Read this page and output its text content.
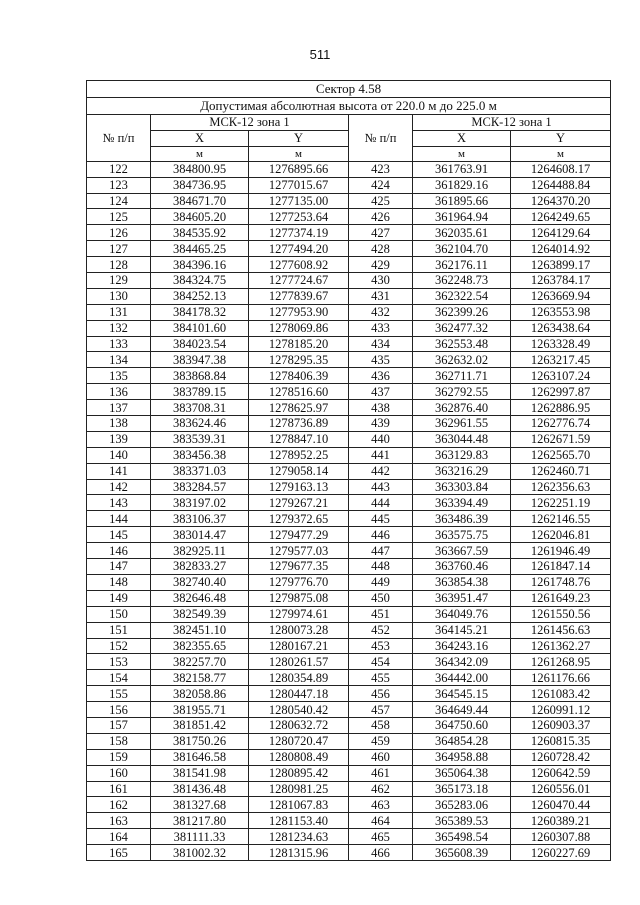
511
Сектор 4.58					
Допустимая абсолютная высота от 220.0 м до 225.0 м					
№ п/п	МСК-12 зона 1		№ п/п	МСК-12 зона 1	
	X	Y		X	Y
	м	м		м	м
122	384800.95	1276895.66	423	361763.91	1264608.17
123	384736.95	1277015.67	424	361829.16	1264488.84
124	384671.70	1277135.00	425	361895.66	1264370.20
125	384605.20	1277253.64	426	361964.94	1264249.65
126	384535.92	1277374.19	427	362035.61	1264129.64
127	384465.25	1277494.20	428	362104.70	1264014.92
128	384396.16	1277608.92	429	362176.11	1263899.17
129	384324.75	1277724.67	430	362248.73	1263784.17
130	384252.13	1277839.67	431	362322.54	1263669.94
131	384178.32	1277953.90	432	362399.26	1263553.98
132	384101.60	1278069.86	433	362477.32	1263438.64
133	384023.54	1278185.20	434	362553.48	1263328.49
134	383947.38	1278295.35	435	362632.02	1263217.45
135	383868.84	1278406.39	436	362711.71	1263107.24
136	383789.15	1278516.60	437	362792.55	1262997.87
137	383708.31	1278625.97	438	362876.40	1262886.95
138	383624.46	1278736.89	439	362961.55	1262776.74
139	383539.31	1278847.10	440	363044.48	1262671.59
140	383456.38	1278952.25	441	363129.83	1262565.70
141	383371.03	1279058.14	442	363216.29	1262460.71
142	383284.57	1279163.13	443	363303.84	1262356.63
143	383197.02	1279267.21	444	363394.49	1262251.19
144	383106.37	1279372.65	445	363486.39	1262146.55
145	383014.47	1279477.29	446	363575.75	1262046.81
146	382925.11	1279577.03	447	363667.59	1261946.49
147	382833.27	1279677.35	448	363760.46	1261847.14
148	382740.40	1279776.70	449	363854.38	1261748.76
149	382646.48	1279875.08	450	363951.47	1261649.23
150	382549.39	1279974.61	451	364049.76	1261550.56
151	382451.10	1280073.28	452	364145.21	1261456.63
152	382355.65	1280167.21	453	364243.16	1261362.27
153	382257.70	1280261.57	454	364342.09	1261268.95
154	382158.77	1280354.89	455	364442.00	1261176.66
155	382058.86	1280447.18	456	364545.15	1261083.42
156	381955.71	1280540.42	457	364649.44	1260991.12
157	381851.42	1280632.72	458	364750.60	1260903.37
158	381750.26	1280720.47	459	364854.28	1260815.35
159	381646.58	1280808.49	460	364958.88	1260728.42
160	381541.98	1280895.42	461	365064.38	1260642.59
161	381436.48	1280981.25	462	365173.18	1260556.01
162	381327.68	1281067.83	463	365283.06	1260470.44
163	381217.80	1281153.40	464	365389.53	1260389.21
164	381111.33	1281234.63	465	365498.54	1260307.88
165	381002.32	1281315.96	466	365608.39	1260227.69
